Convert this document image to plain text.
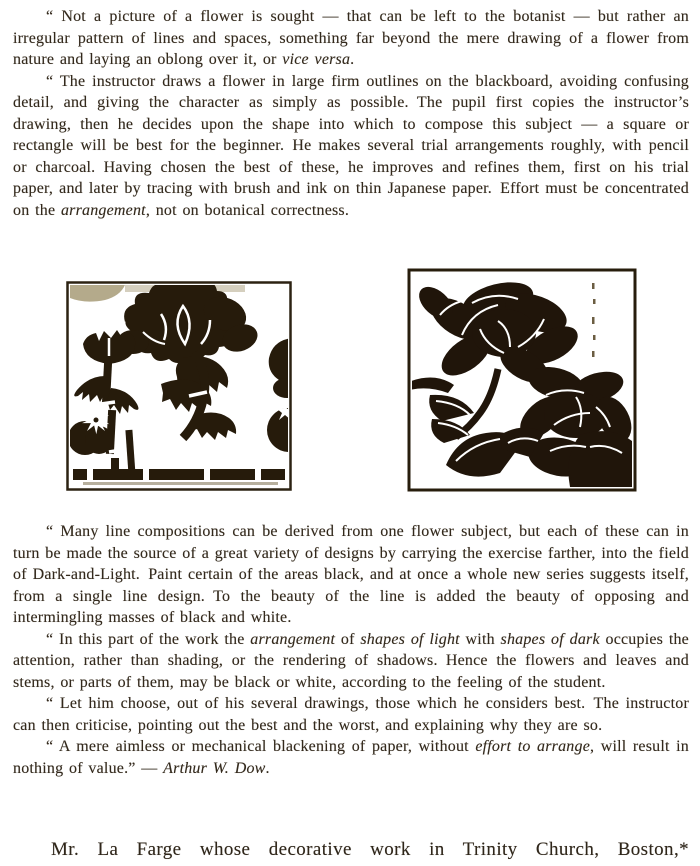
“ Not a picture of a flower is sought — that can be left to the botanist — but rather an irregular pattern of lines and spaces, something far beyond the mere drawing of a flower from nature and laying an oblong over it, or vice versa.

“ The instructor draws a flower in large firm outlines on the blackboard, avoiding confusing detail, and giving the character as simply as possible. The pupil first copies the instructor’s drawing, then he decides upon the shape into which to compose this subject — a square or rectangle will be best for the beginner. He makes several trial arrangements roughly, with pencil or charcoal. Having chosen the best of these, he improves and refines them, first on his trial paper, and later by tracing with brush and ink on thin Japanese paper. Effort must be concentrated on the arrangement, not on botanical correctness.

“ Many line compositions can be derived from one flower subject, but each of these can in turn be made the source of a great variety of designs by carrying the exercise farther, into the field of Dark-and-Light. Paint certain of the areas black, and at once a whole new series suggests itself, from a single line design. To the beauty of the line is added the beauty of opposing and intermingling masses of black and white.

“ In this part of the work the arrangement of shapes of light with shapes of dark occupies the attention, rather than shading, or the rendering of shadows. Hence the flowers and leaves and stems, or parts of them, may be black or white, according to the feeling of the student.

“ Let him choose, out of his several drawings, those which he considers best. The instructor can then criticise, pointing out the best and the worst, and explaining why they are so.

“ A mere aimless or mechanical blackening of paper, without effort to arrange, will result in nothing of value.” — Arthur W. Dow.

Mr. La Farge whose decorative work in Trinity Church, Boston,*
